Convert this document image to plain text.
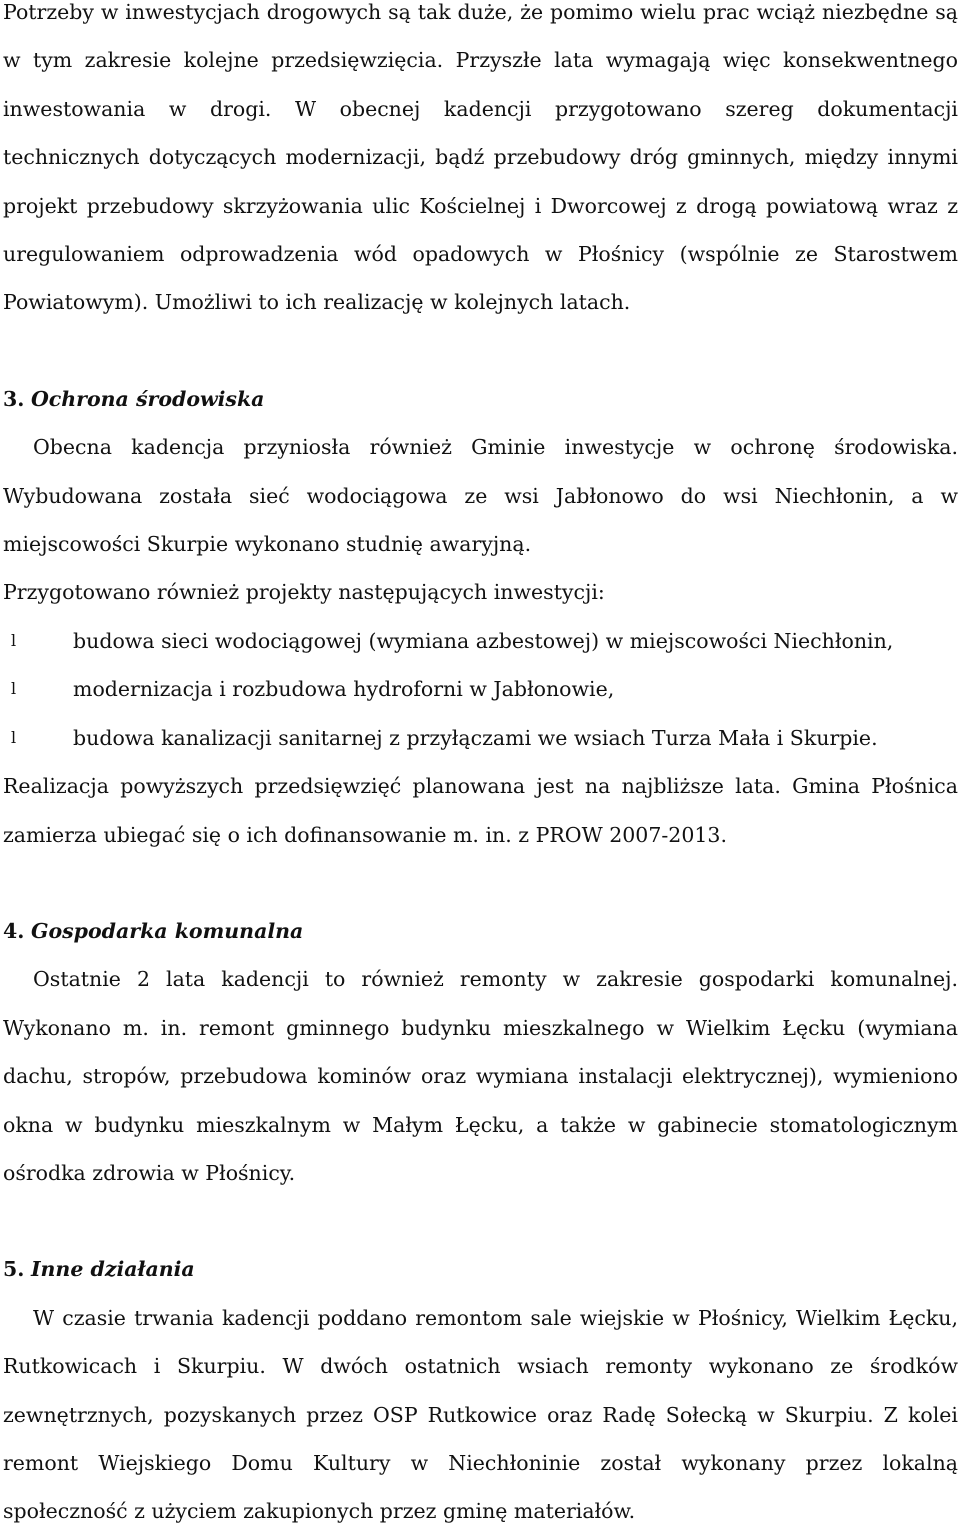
Potrzeby w inwestycjach drogowych są tak duże, że pomimo wielu prac wciąż niezbędne są w tym zakresie kolejne przedsięwzięcia. Przyszłe lata wymagają więc konsekwentnego inwestowania w drogi. W obecnej kadencji przygotowano szereg dokumentacji technicznych dotyczących modernizacji, bądź przebudowy dróg gminnych, między innymi projekt przebudowy skrzyżowania ulic Kościelnej i Dworcowej z drogą powiatową wraz z uregulowaniem odprowadzenia wód opadowych w Płośnicy (wspólnie ze Starostwem Powiatowym). Umożliwi to ich realizację w kolejnych latach.

3. Ochrona środowiska

Obecna kadencja przyniosła również Gminie inwestycje w ochronę środowiska. Wybudowana została sieć wodociągowa ze wsi Jabłonowo do wsi Niechłonin, a w miejscowości Skurpie wykonano studnię awaryjną.

Przygotowano również projekty następujących inwestycji:

l	budowa sieci wodociągowej (wymiana azbestowej) w miejscowości Niechłonin,
l	modernizacja i rozbudowa hydroforni w Jabłonowie,
l	budowa kanalizacji sanitarnej z przyłączami we wsiach Turza Mała i Skurpie.

Realizacja powyższych przedsięwzięć planowana jest na najbliższe lata. Gmina Płośnica zamierza ubiegać się o ich dofinansowanie m. in. z PROW 2007-2013.

4. Gospodarka komunalna

Ostatnie 2 lata kadencji to również remonty w zakresie gospodarki komunalnej. Wykonano m. in. remont gminnego budynku mieszkalnego w Wielkim Łęcku (wymiana dachu, stropów, przebudowa kominów oraz wymiana instalacji elektrycznej), wymieniono okna w budynku mieszkalnym w Małym Łęcku, a także w gabinecie stomatologicznym ośrodka zdrowia w Płośnicy.

5. Inne działania

W czasie trwania kadencji poddano remontom sale wiejskie w Płośnicy, Wielkim Łęcku, Rutkowicach i Skurpiu. W dwóch ostatnich wsiach remonty wykonano ze środków zewnętrznych, pozyskanych przez OSP Rutkowice oraz Radę Sołecką w Skurpiu. Z kolei remont Wiejskiego Domu Kultury w Niechłoninie został wykonany przez lokalną społeczność z użyciem zakupionych przez gminę materiałów.
